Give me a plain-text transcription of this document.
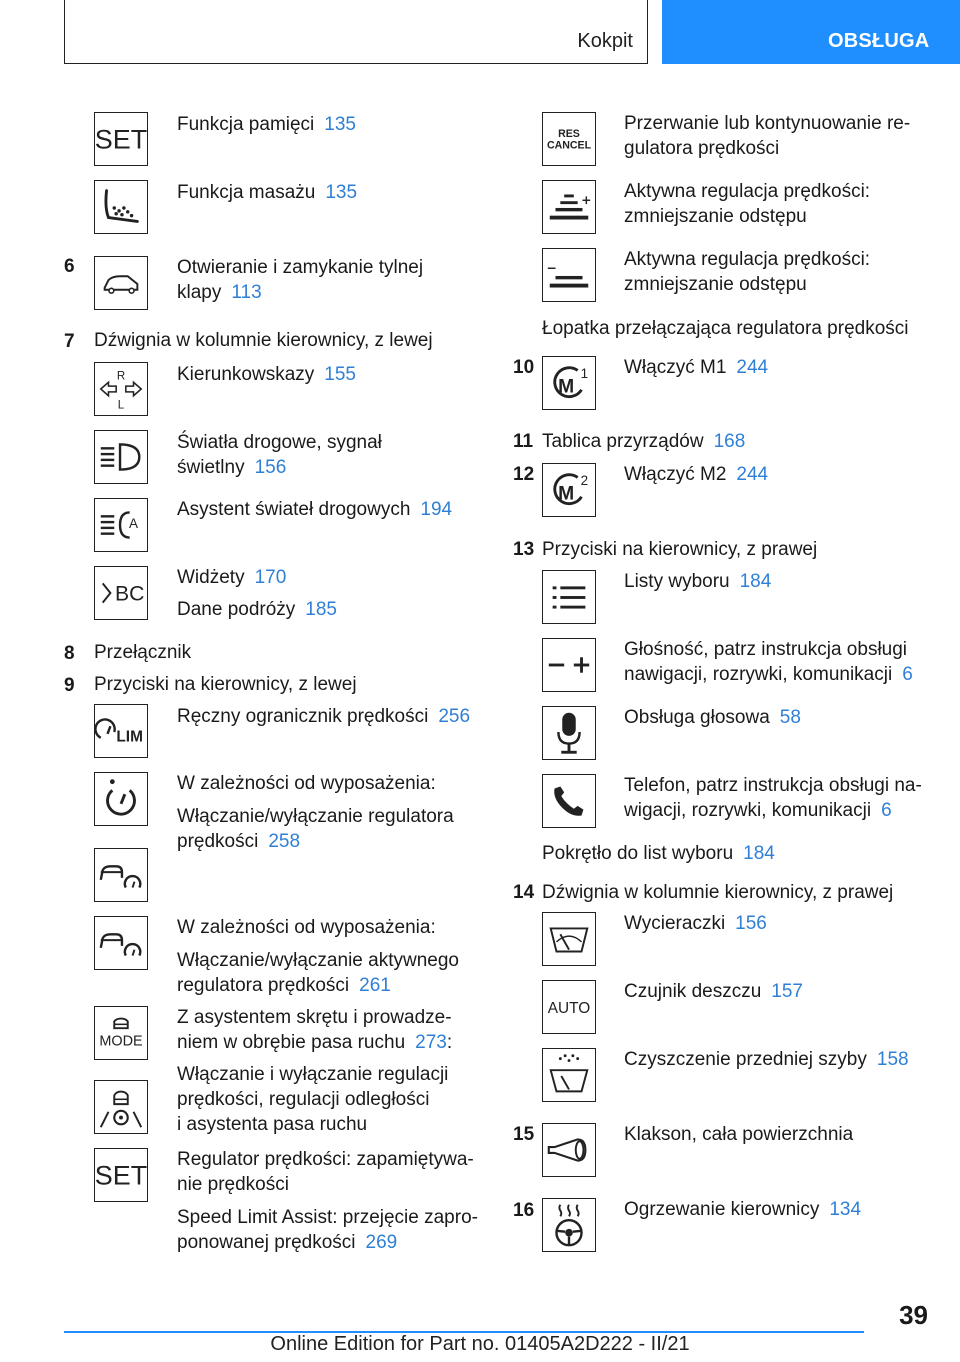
Kokpit	OBSŁUGA
SET
Funkcja pamięci 135
Funkcja masażu 135
6	Otwieranie i zamykanie tylnej
klapy 113
7 Dźwignia w kolumnie kierownicy, z lewej
R
L
Kierunkowskazy 155
Światła drogowe, sygnał
świetlny 156
A
Asystent świateł drogowych 194
BC
Widżety 170
Dane podróży 185
8 Przełącznik
9 Przyciski na kierownicy, z lewej
LIM
Ręczny ogranicznik prędkości 256
W zależności od wyposażenia:
Włączanie/wyłączanie regulatora
prędkości 258
W zależności od wyposażenia:
Włączanie/wyłączanie aktywnego
regulatora prędkości 261
MODE
Z asystentem skrętu i prowadze-
niem w obrębie pasa ruchu 273:
Włączanie i wyłączanie regulacji
prędkości, regulacji odległości
i asystenta pasa ruchu
SET
Regulator prędkości: zapamiętywa-
nie prędkości
Speed Limit Assist: przejęcie zapro-
ponowanej prędkości 269
RES
CANCEL
Przerwanie lub kontynuowanie re-
gulatora prędkości
Aktywna regulacja prędkości:
zmniejszanie odstępu
Aktywna regulacja prędkości:
zmniejszanie odstępu
Łopatka przełączająca regulatora prędkości
10
M
1 Włączyć M1 244
11 Tablica przyrządów 168
12
M
2 Włączyć M2 244
13 Przyciski na kierownicy, z prawej
Listy wyboru 184
Głośność, patrz instrukcja obsługi
nawigacji, rozrywki, komunikacji 6
Obsługa głosowa 58
Telefon, patrz instrukcja obsługi na-
wigacji, rozrywki, komunikacji 6
Pokrętło do list wyboru 184
14 Dźwignia w kolumnie kierownicy, z prawej
Wycieraczki 156
AUTO
Czujnik deszczu 157
Czyszczenie przedniej szyby 158
15	Klakson, cała powierzchnia
16	Ogrzewanie kierownicy 134
39
Online Edition for Part no. 01405A2D222 - II/21
